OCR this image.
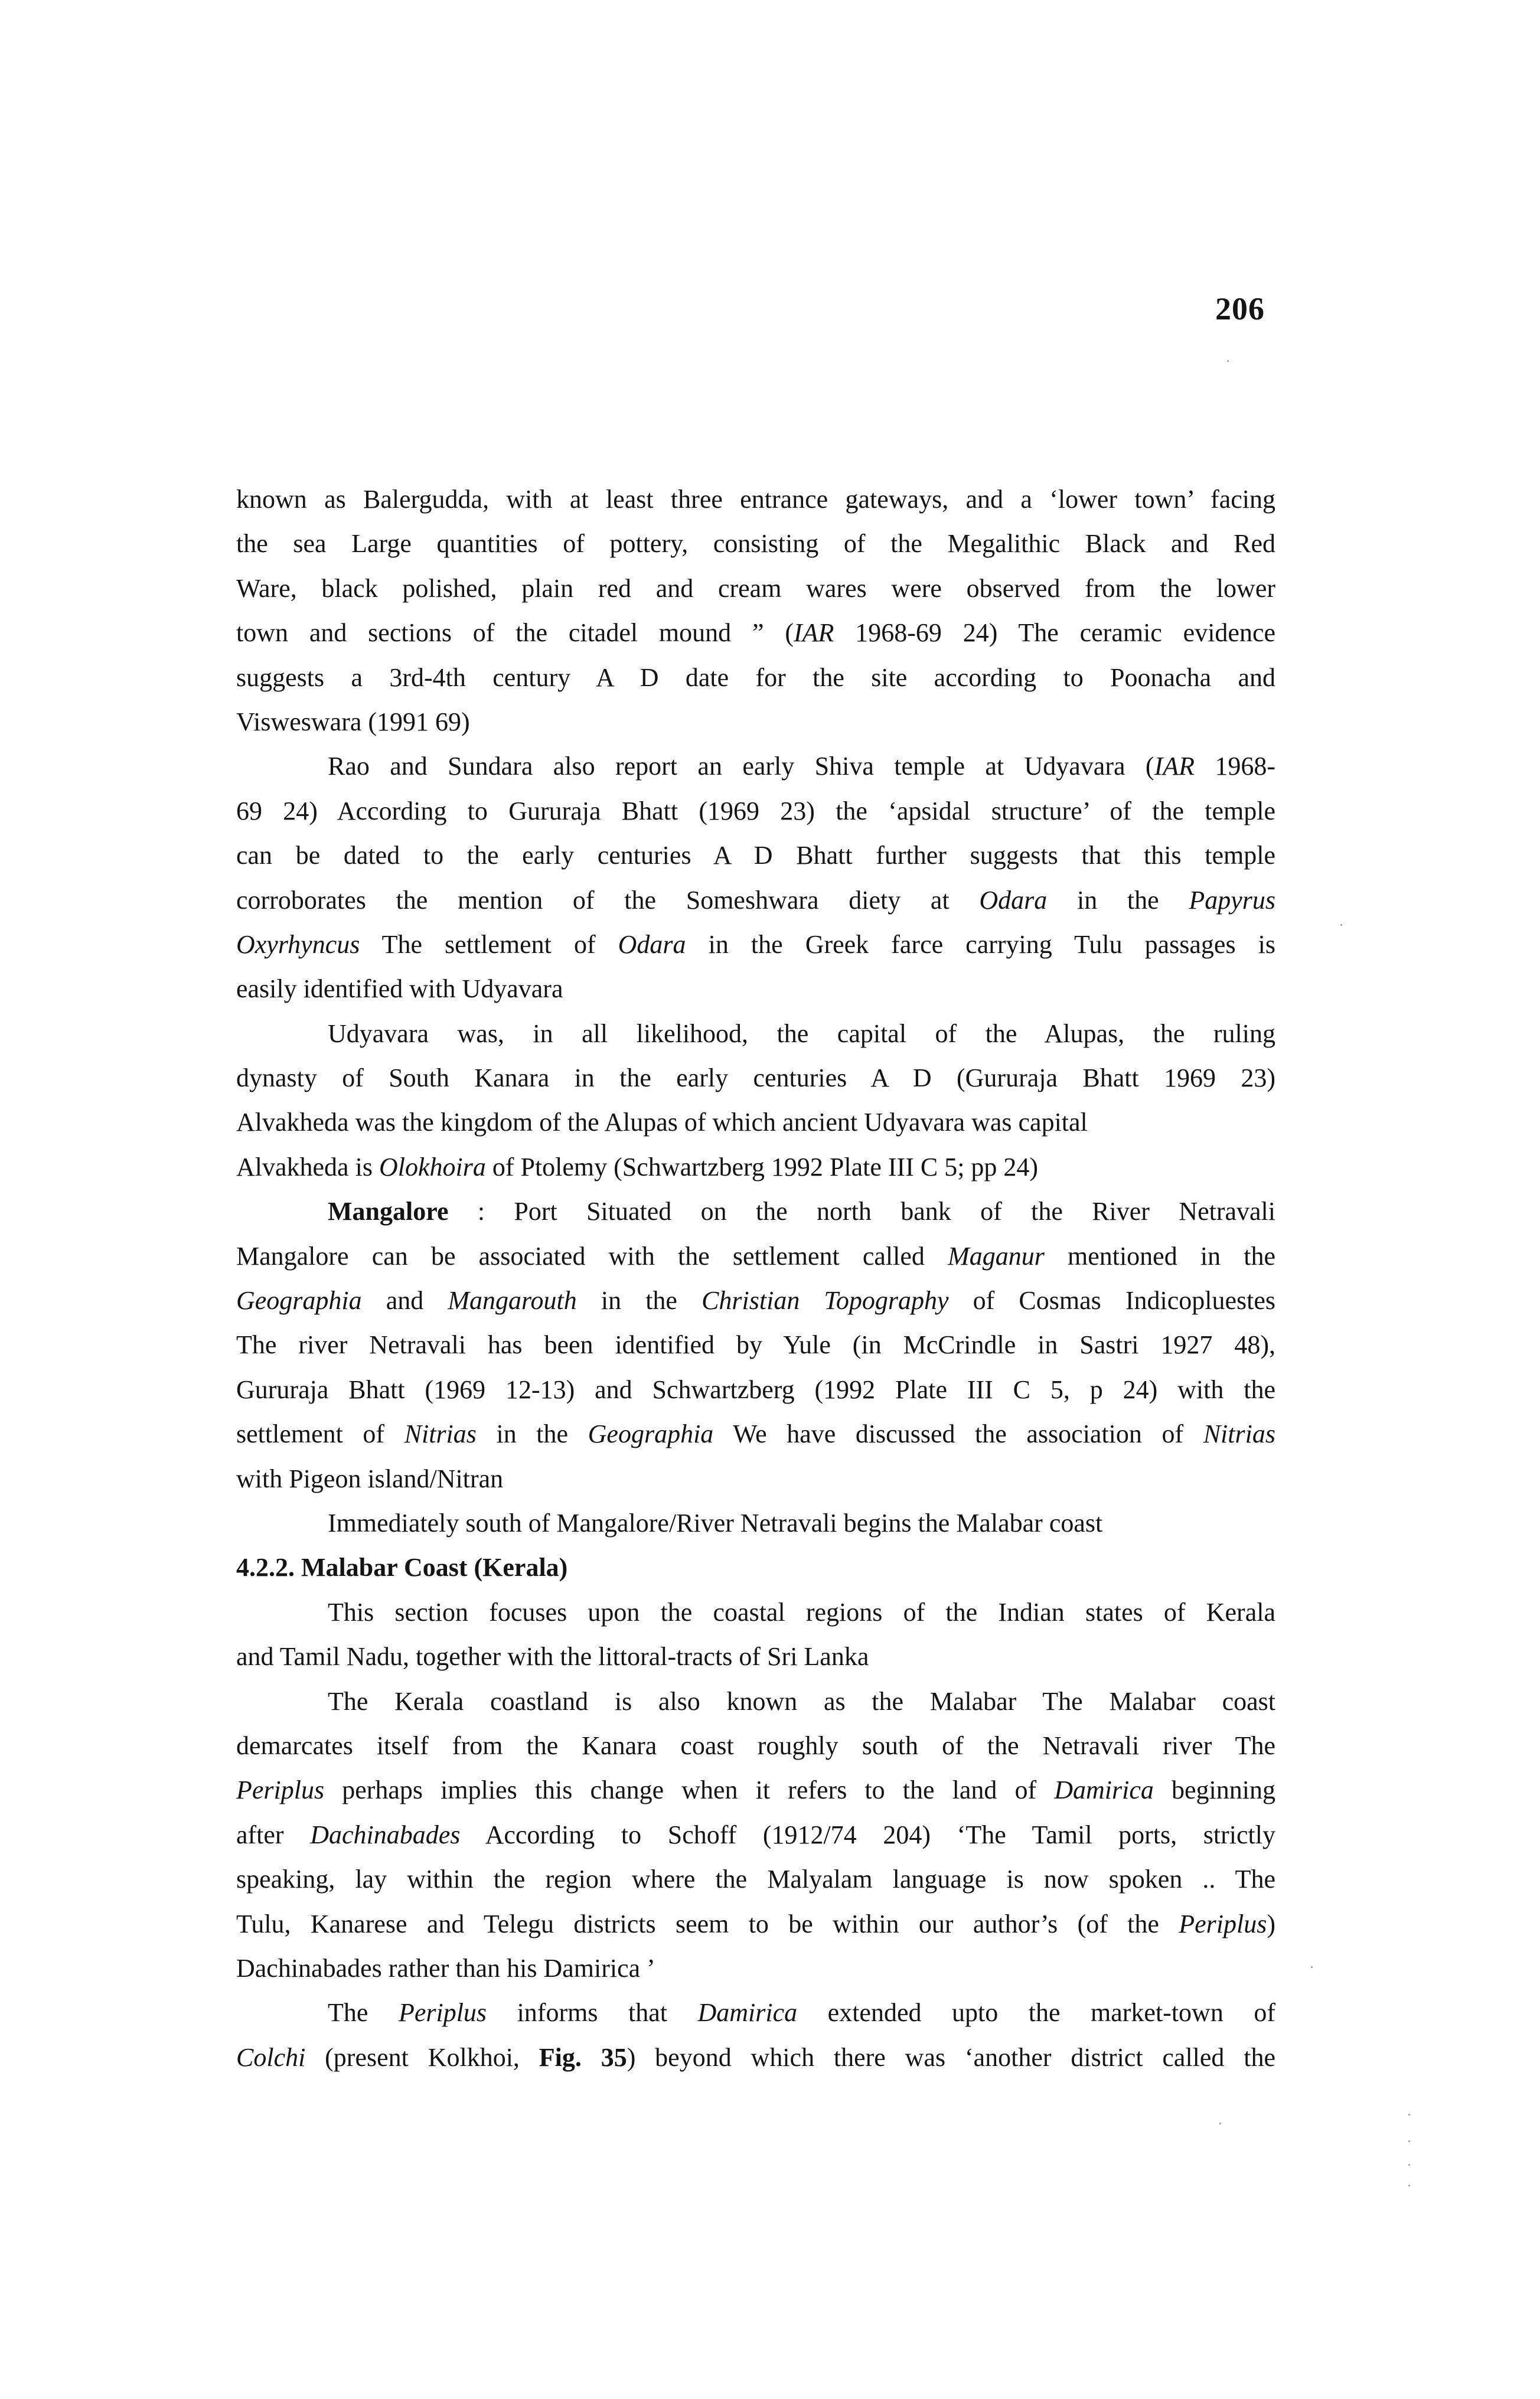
206
known as Balergudda, with at least three entrance gateways, and a ‘lower town’ facing
the sea Large quantities of pottery, consisting of the Megalithic Black and Red
Ware, black polished, plain red and cream wares were observed from the lower
town and sections of the citadel mound ” (IAR 1968-69 24) The ceramic evidence
suggests a 3rd-4th century A D date for the site according to Poonacha and
Visweswara (1991 69)
Rao and Sundara also report an early Shiva temple at Udyavara (IAR 1968-
69 24) According to Gururaja Bhatt (1969 23) the ‘apsidal structure’ of the temple
can be dated to the early centuries A D Bhatt further suggests that this temple
corroborates the mention of the Someshwara diety at Odara in the Papyrus
Oxyrhyncus The settlement of Odara in the Greek farce carrying Tulu passages is
easily identified with Udyavara
Udyavara was, in all likelihood, the capital of the Alupas, the ruling
dynasty of South Kanara in the early centuries A D (Gururaja Bhatt 1969 23)
Alvakheda was the kingdom of the Alupas of which ancient Udyavara was capital
Alvakheda is Olokhoira of Ptolemy (Schwartzberg 1992 Plate III C 5; pp 24)
Mangalore : Port Situated on the north bank of the River Netravali
Mangalore can be associated with the settlement called Maganur mentioned in the
Geographia and Mangarouth in the Christian Topography of Cosmas Indicopluestes
The river Netravali has been identified by Yule (in McCrindle in Sastri 1927 48),
Gururaja Bhatt (1969 12-13) and Schwartzberg (1992 Plate III C 5, p 24) with the
settlement of Nitrias in the Geographia We have discussed the association of Nitrias
with Pigeon island/Nitran
Immediately south of Mangalore/River Netravali begins the Malabar coast
4.2.2. Malabar Coast (Kerala)
This section focuses upon the coastal regions of the Indian states of Kerala
and Tamil Nadu, together with the littoral-tracts of Sri Lanka
The Kerala coastland is also known as the Malabar The Malabar coast
demarcates itself from the Kanara coast roughly south of the Netravali river The
Periplus perhaps implies this change when it refers to the land of Damirica beginning
after Dachinabades According to Schoff (1912/74 204) ‘The Tamil ports, strictly
speaking, lay within the region where the Malyalam language is now spoken .. The
Tulu, Kanarese and Telegu districts seem to be within our author’s (of the Periplus)
Dachinabades rather than his Damirica ’
The Periplus informs that Damirica extended upto the market-town of
Colchi (present Kolkhoi, Fig. 35) beyond which there was ‘another district called the
